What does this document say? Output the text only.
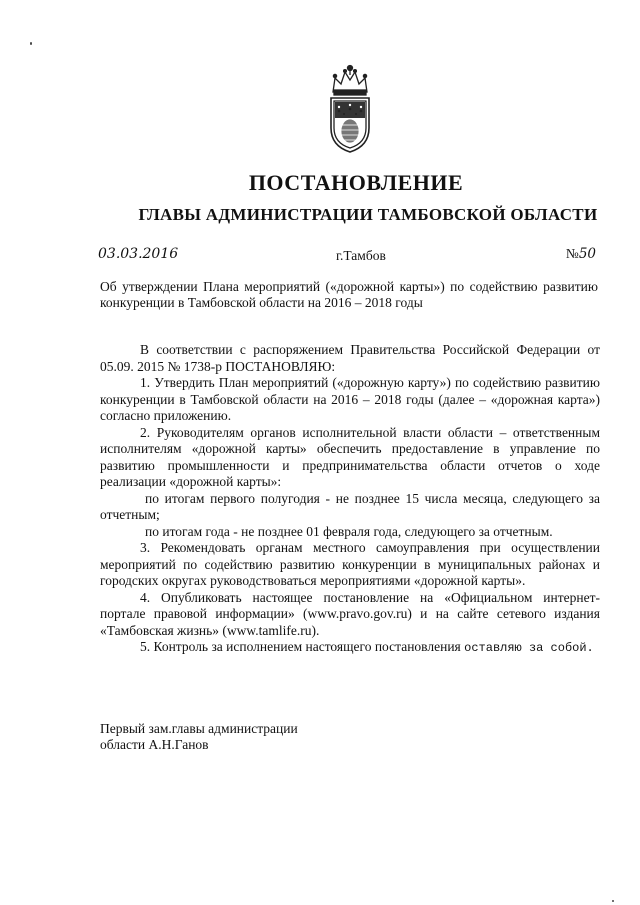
ПОСТАНОВЛЕНИЕ
ГЛАВЫ АДМИНИСТРАЦИИ ТАМБОВСКОЙ ОБЛАСТИ
03.03.2016	г.Тамбов	№50

Об утверждении Плана мероприятий («дорожной карты») по содействию развитию конкуренции в Тамбовской области на 2016 – 2018 годы

В соответствии с распоряжением Правительства Российской Федерации от 05.09. 2015 № 1738-р ПОСТАНОВЛЯЮ:

1. Утвердить План мероприятий («дорожную карту») по содействию развитию конкуренции в Тамбовской области на 2016 – 2018 годы (далее – «дорожная карта») согласно приложению.

2. Руководителям органов исполнительной власти области – ответственным исполнителям «дорожной карты» обеспечить предоставление в управление по развитию промышленности и предпринимательства области отчетов о ходе реализации «дорожной карты»:

по итогам первого полугодия - не позднее 15 числа месяца, следующего за отчетным;

по итогам года - не позднее 01 февраля года, следующего за отчетным.

3. Рекомендовать органам местного самоуправления при осуществлении мероприятий по содействию развитию конкуренции в муниципальных районах и городских округах руководствоваться мероприятиями «дорожной карты».

4. Опубликовать настоящее постановление на «Официальном интернет-портале правовой информации» (www.pravo.gov.ru) и на сайте сетевого издания «Тамбовская жизнь» (www.tamlife.ru).

5. Контроль за исполнением настоящего постановления оставляю за собой.

Первый зам.главы администрации
области А.Н.Ганов
